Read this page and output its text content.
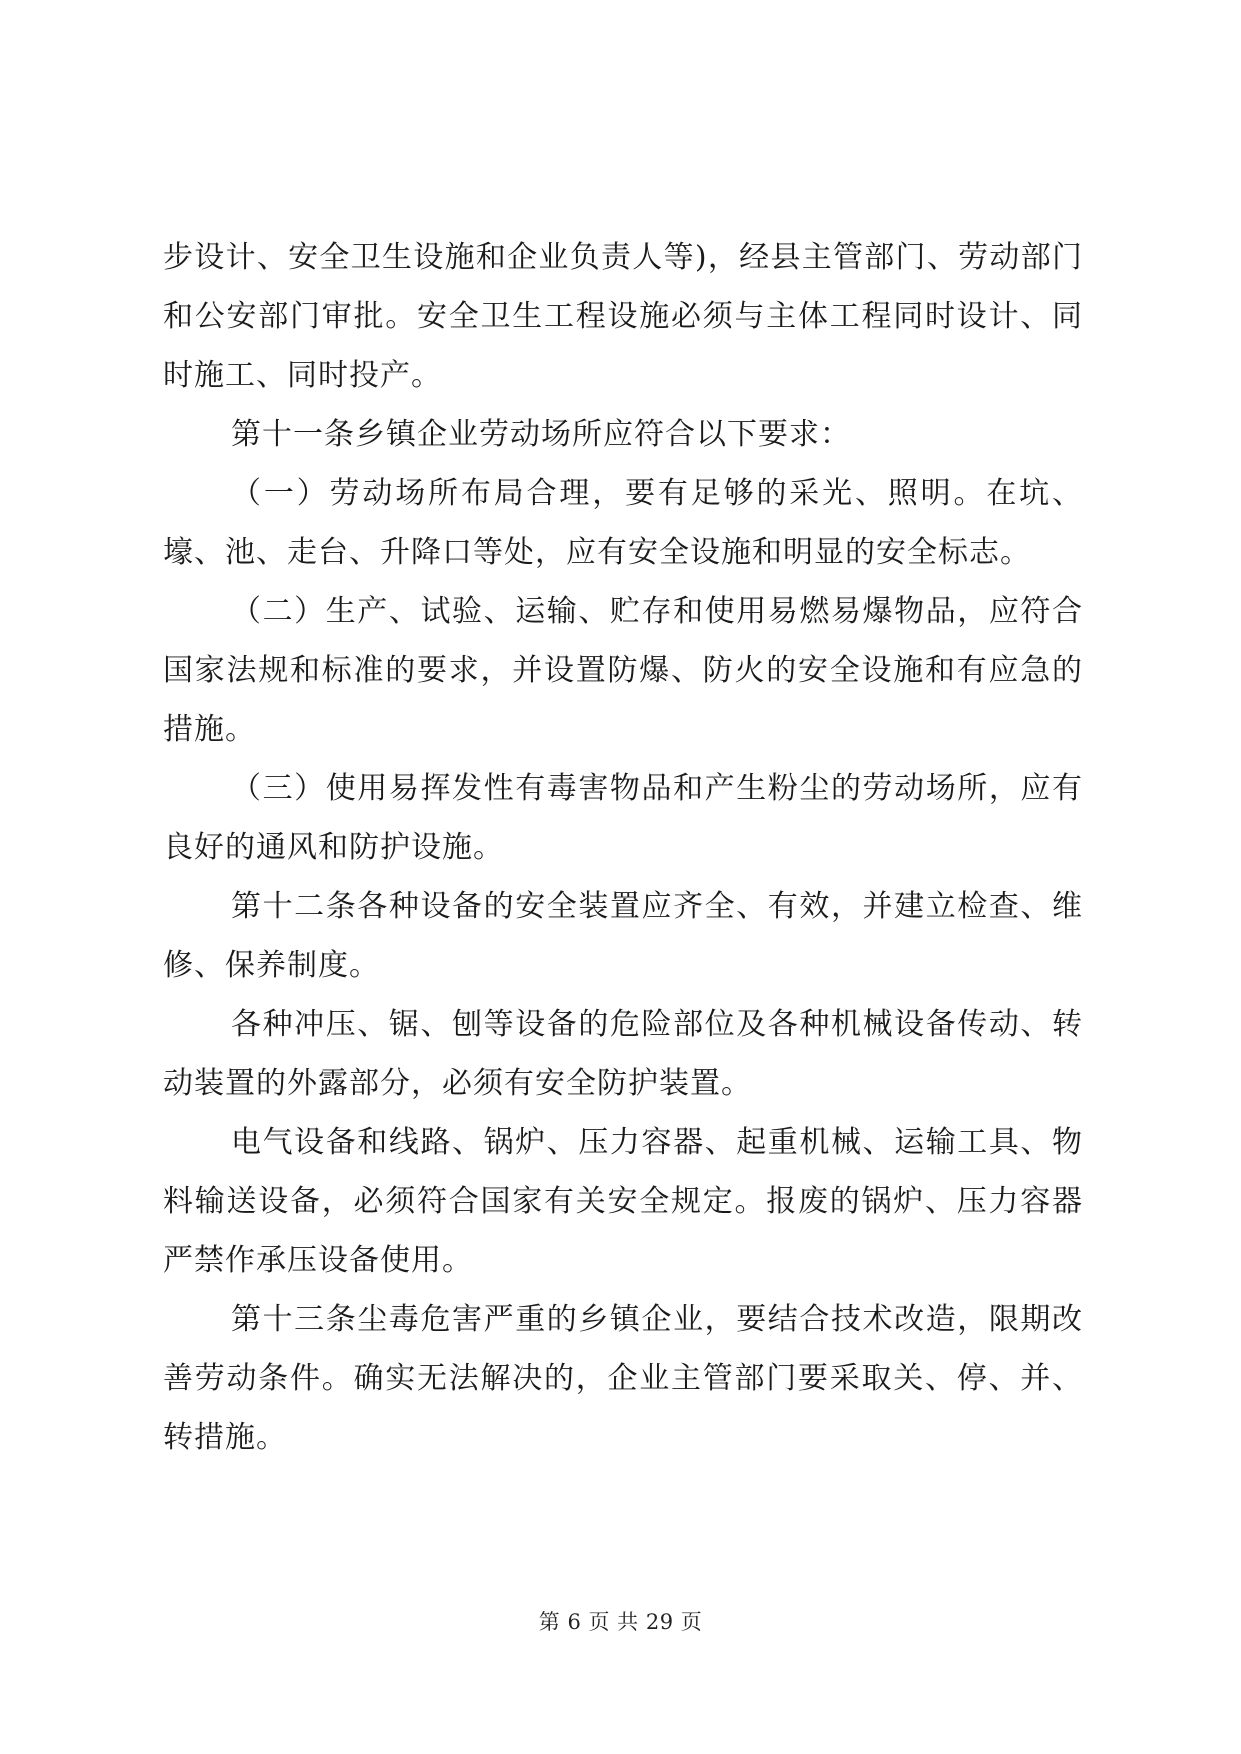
步设计、安全卫生设施和企业负责人等)，经县主管部门、劳动部门和公安部门审批。安全卫生工程设施必须与主体工程同时设计、同时施工、同时投产。

第十一条乡镇企业劳动场所应符合以下要求：

（一）劳动场所布局合理，要有足够的采光、照明。在坑、壕、池、走台、升降口等处，应有安全设施和明显的安全标志。

（二）生产、试验、运输、贮存和使用易燃易爆物品，应符合国家法规和标准的要求，并设置防爆、防火的安全设施和有应急的措施。

（三）使用易挥发性有毒害物品和产生粉尘的劳动场所，应有良好的通风和防护设施。

第十二条各种设备的安全装置应齐全、有效，并建立检查、维修、保养制度。

各种冲压、锯、刨等设备的危险部位及各种机械设备传动、转动装置的外露部分，必须有安全防护装置。

电气设备和线路、锅炉、压力容器、起重机械、运输工具、物料输送设备，必须符合国家有关安全规定。报废的锅炉、压力容器严禁作承压设备使用。

第十三条尘毒危害严重的乡镇企业，要结合技术改造，限期改善劳动条件。确实无法解决的，企业主管部门要采取关、停、并、转措施。

第 6 页 共 29 页
